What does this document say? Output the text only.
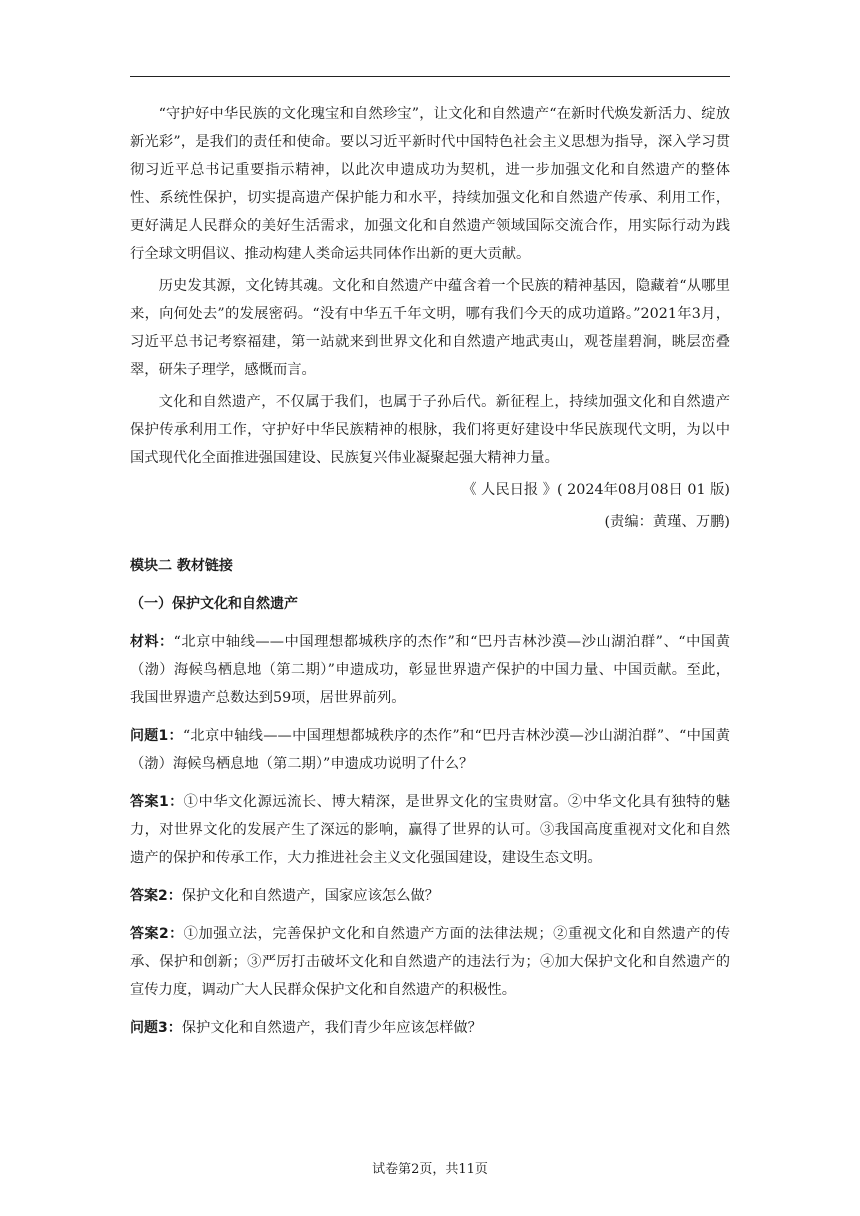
“守护好中华民族的文化瑰宝和自然珍宝”，让文化和自然遗产“在新时代焕发新活力、绽放新光彩”，是我们的责任和使命。要以习近平新时代中国特色社会主义思想为指导，深入学习贯彻习近平总书记重要指示精神，以此次申遗成功为契机，进一步加强文化和自然遗产的整体性、系统性保护，切实提高遗产保护能力和水平，持续加强文化和自然遗产传承、利用工作，更好满足人民群众的美好生活需求，加强文化和自然遗产领域国际交流合作，用实际行动为践行全球文明倡议、推动构建人类命运共同体作出新的更大贡献。

历史发其源，文化铸其魂。文化和自然遗产中蕴含着一个民族的精神基因，隐藏着“从哪里来，向何处去”的发展密码。“没有中华五千年文明，哪有我们今天的成功道路。”2021年3月，习近平总书记考察福建，第一站就来到世界文化和自然遗产地武夷山，观苍崖碧涧，眺层峦叠翠，研朱子理学，感慨而言。

文化和自然遗产，不仅属于我们，也属于子孙后代。新征程上，持续加强文化和自然遗产保护传承利用工作，守护好中华民族精神的根脉，我们将更好建设中华民族现代文明，为以中国式现代化全面推进强国建设、民族复兴伟业凝聚起强大精神力量。

《 人民日报 》( 2024年08月08日 01 版)

(责编：黄瑾、万鹏)

模块二 教材链接

（一）保护文化和自然遗产

材料：“北京中轴线——中国理想都城秩序的杰作”和“巴丹吉林沙漠—沙山湖泊群”、“中国黄（渤）海候鸟栖息地（第二期）”申遗成功，彰显世界遗产保护的中国力量、中国贡献。至此，我国世界遗产总数达到59项，居世界前列。

问题1：“北京中轴线——中国理想都城秩序的杰作”和“巴丹吉林沙漠—沙山湖泊群”、“中国黄（渤）海候鸟栖息地（第二期）”申遗成功说明了什么？

答案1：①中华文化源远流长、博大精深，是世界文化的宝贵财富。②中华文化具有独特的魅力，对世界文化的发展产生了深远的影响，赢得了世界的认可。③我国高度重视对文化和自然遗产的保护和传承工作，大力推进社会主义文化强国建设，建设生态文明。

答案2：保护文化和自然遗产，国家应该怎么做？

答案2：①加强立法，完善保护文化和自然遗产方面的法律法规；②重视文化和自然遗产的传承、保护和创新；③严厉打击破坏文化和自然遗产的违法行为；④加大保护文化和自然遗产的宣传力度，调动广大人民群众保护文化和自然遗产的积极性。

问题3：保护文化和自然遗产，我们青少年应该怎样做？

试卷第2页，共11页
